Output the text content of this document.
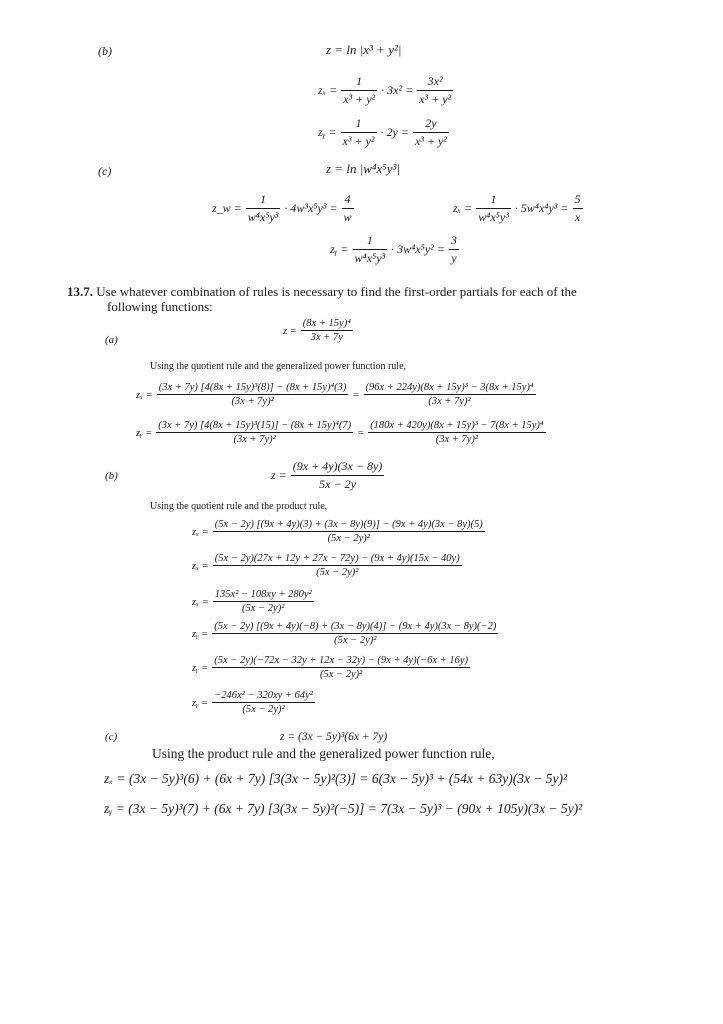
(b)	z = ln |x³ + y²|
$z_x = \frac{1}{\text{x³ + y²}} \cdot 3x^2 = \frac{\text{3x²}}{\text{x³ + y²}}$
zᵧ = $\frac{1}{\text{x³ + y²}} \cdot 2y = \frac{2y}{\text{x³ + y²}}$
(c)	z = ln |w⁴x⁵y³|
z_w = $\frac{1}{\text{w⁴x⁵y³}} \cdot 4w^3x^5y^3 = \frac{4}{w}$	$z_x = \frac{1}{\text{w⁴x⁵y³}} \cdot 5w^4x^4y^3 = \frac{5}{x}$
zᵧ = $\frac{1}{\text{w⁴x⁵y³}} \cdot 3w^4x^5y^2 = \frac{3}{y}$
13.7. Use whatever combination of rules is necessary to find the first-order partials for each of the
following functions:
(a)
$z = \frac{\text{(8x + 15y)⁴}}{3x + 7y}$
Using the quotient rule and the generalized power function rule,
$z_x = \frac{\text{(3x + 7y) [4(8x + 15y)³(8)] − (8x + 15y)⁴(3)}}{\text{(3x + 7y)²}} = \frac{\text{(96x + 224y)(8x + 15y)³ − 3(8x + 15y)⁴}}{\text{(3x + 7y)²}}$
zᵧ = $\frac{\text{(3x + 7y) [4(8x + 15y)³(15)] − (8x + 15y)⁴(7)}}{\text{(3x + 7y)²}} = \frac{\text{(180x + 420y)(8x + 15y)³ − 7(8x + 15y)⁴}}{\text{(3x + 7y)²}}$
(b)	$z = \frac{(9x + 4y)(3x - 8y)}{5x - 2y}$
Using the quotient rule and the product rule,
zₓ =
(5x − 2y) [(9x + 4y)(3) + (3x − 8y)(9)] − (9x + 4y)(3x − 8y)(5)
(5x − 2y)²
$z_x = \frac{(5x - 2y)(27x + 12y + 27x - 72y) - (9x + 4y)(15x - 40y)}{\text{(5x − 2y)²}}$
$z_x = \frac{\text{135x² − 108xy + 280y²}}{\text{(5x − 2y)²}}$
zᵧ =
(5x − 2y) [(9x + 4y)(−8) + (3x − 8y)(4)] − (9x + 4y)(3x − 8y)(−2)
(5x − 2y)²
zᵧ = $\frac{(5x - 2y)(-72x - 32y + 12x - 32y) - (9x + 4y)(-6x + 16y)}{\text{(5x − 2y)²}}$
zᵧ = $\frac{\text{−246x² − 320xy + 64y²}}{\text{(5x − 2y)²}}$
(c)	z = (3x − 5y)³(6x + 7y)
Using the product rule and the generalized power function rule,
zₓ = (3x − 5y)³(6) + (6x + 7y) [3(3x − 5y)²(3)] = 6(3x − 5y)³ + (54x + 63y)(3x − 5y)²
zᵧ = (3x − 5y)³(7) + (6x + 7y) [3(3x − 5y)²(−5)] = 7(3x − 5y)³ − (90x + 105y)(3x − 5y)²
